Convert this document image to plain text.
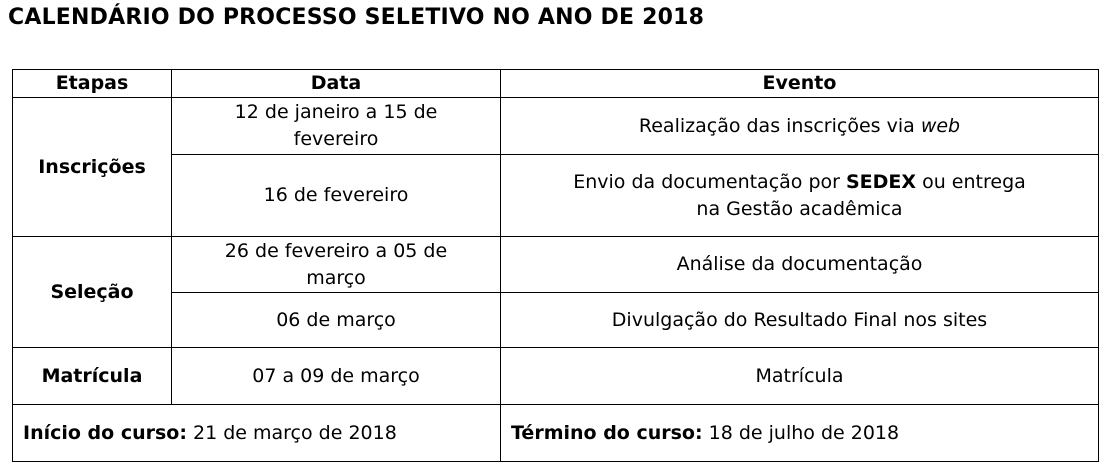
CALENDÁRIO DO PROCESSO SELETIVO NO ANO DE 2018
Etapas	Data	Evento
Inscrições	12 de janeiro a 15 de fevereiro	Realização das inscrições via web
	16 de fevereiro	Envio da documentação por SEDEX ou entrega na Gestão acadêmica
Seleção	26 de fevereiro a 05 de março	Análise da documentação
	06 de março	Divulgação do Resultado Final nos sites
Matrícula	07 a 09 de março	Matrícula
Início do curso: 21 de março de 2018		Término do curso: 18 de julho de 2018
